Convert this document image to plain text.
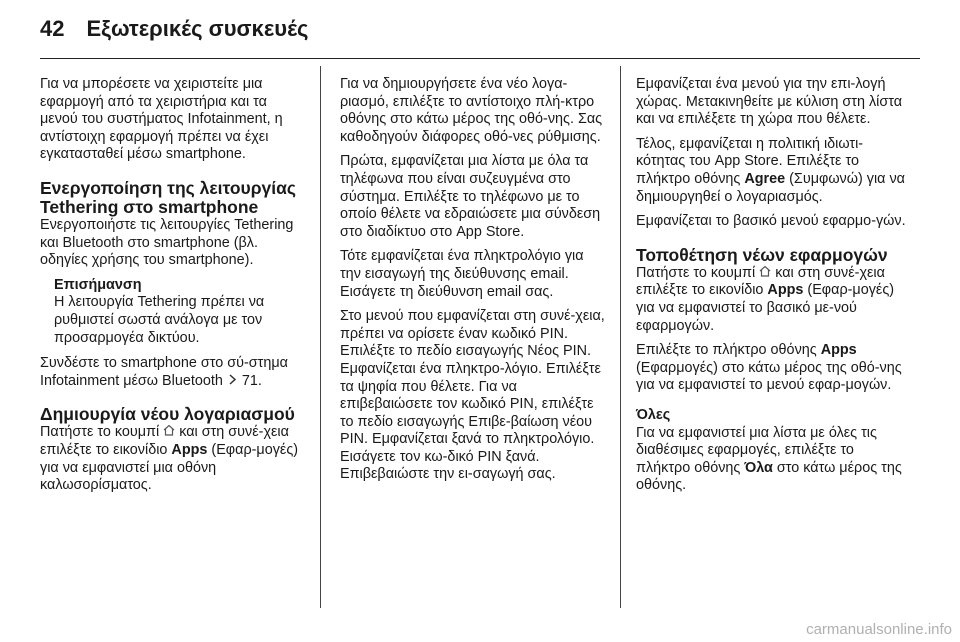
42 Εξωτερικές συσκευές

Για να μπορέσετε να χειριστείτε μια εφαρμογή από τα χειριστήρια και τα μενού του συστήματος Infotainment, η αντίστοιχη εφαρμογή πρέπει να έχει εγκατασταθεί μέσω smartphone.

Ενεργοποίηση της λειτουργίας Tethering στο smartphone

Ενεργοποιήστε τις λειτουργίες Tethering και Bluetooth στο smartphone (βλ. οδηγίες χρήσης του smartphone).

Επισήμανση
Η λειτουργία Tethering πρέπει να ρυθμιστεί σωστά ανάλογα με τον προσαρμογέα δικτύου.

Συνδέστε το smartphone στο σύ-στημα Infotainment μέσω Bluetooth 71.

Δημιουργία νέου λογαριασμού

Πατήστε το κουμπί και στη συνέ-χεια επιλέξτε το εικονίδιο Apps (Εφαρ-μογές) για να εμφανιστεί μια οθόνη καλωσορίσματος.

Για να δημιουργήσετε ένα νέο λογα-ριασμό, επιλέξτε το αντίστοιχο πλή-κτρο οθόνης στο κάτω μέρος της οθό-νης. Σας καθοδηγούν διάφορες οθό-νες ρύθμισης.

Πρώτα, εμφανίζεται μια λίστα με όλα τα τηλέφωνα που είναι συζευγμένα στο σύστημα. Επιλέξτε το τηλέφωνο με το οποίο θέλετε να εδραιώσετε μια σύνδεση στο διαδίκτυο στο App Store.

Τότε εμφανίζεται ένα πληκτρολόγιο για την εισαγωγή της διεύθυνσης email. Εισάγετε τη διεύθυνση email σας.

Στο μενού που εμφανίζεται στη συνέ-χεια, πρέπει να ορίσετε έναν κωδικό PIN. Επιλέξτε το πεδίο εισαγωγής Νέος PIN. Εμφανίζεται ένα πληκτρο-λόγιο. Επιλέξτε τα ψηφία που θέλετε. Για να επιβεβαιώσετε τον κωδικό PIN, επιλέξτε το πεδίο εισαγωγής Επιβε-βαίωση νέου PIN. Εμφανίζεται ξανά το πληκτρολόγιο. Εισάγετε τον κω-δικό PIN ξανά. Επιβεβαιώστε την ει-σαγωγή σας.

Εμφανίζεται ένα μενού για την επι-λογή χώρας. Μετακινηθείτε με κύλιση στη λίστα και να επιλέξετε τη χώρα που θέλετε.

Τέλος, εμφανίζεται η πολιτική ιδιωτι-κότητας του App Store. Επιλέξτε το πλήκτρο οθόνης Agree (Συμφωνώ) για να δημιουργηθεί ο λογαριασμός.

Εμφανίζεται το βασικό μενού εφαρμο-γών.

Τοποθέτηση νέων εφαρμογών

Πατήστε το κουμπί και στη συνέ-χεια επιλέξτε το εικονίδιο Apps (Εφαρ-μογές) για να εμφανιστεί το βασικό με-νού εφαρμογών.

Επιλέξτε το πλήκτρο οθόνης Apps (Εφαρμογές) στο κάτω μέρος της οθό-νης για να εμφανιστεί το μενού εφαρ-μογών.

Όλες

Για να εμφανιστεί μια λίστα με όλες τις διαθέσιμες εφαρμογές, επιλέξτε το πλήκτρο οθόνης Όλα στο κάτω μέρος της οθόνης.

carmanualsonline.info
